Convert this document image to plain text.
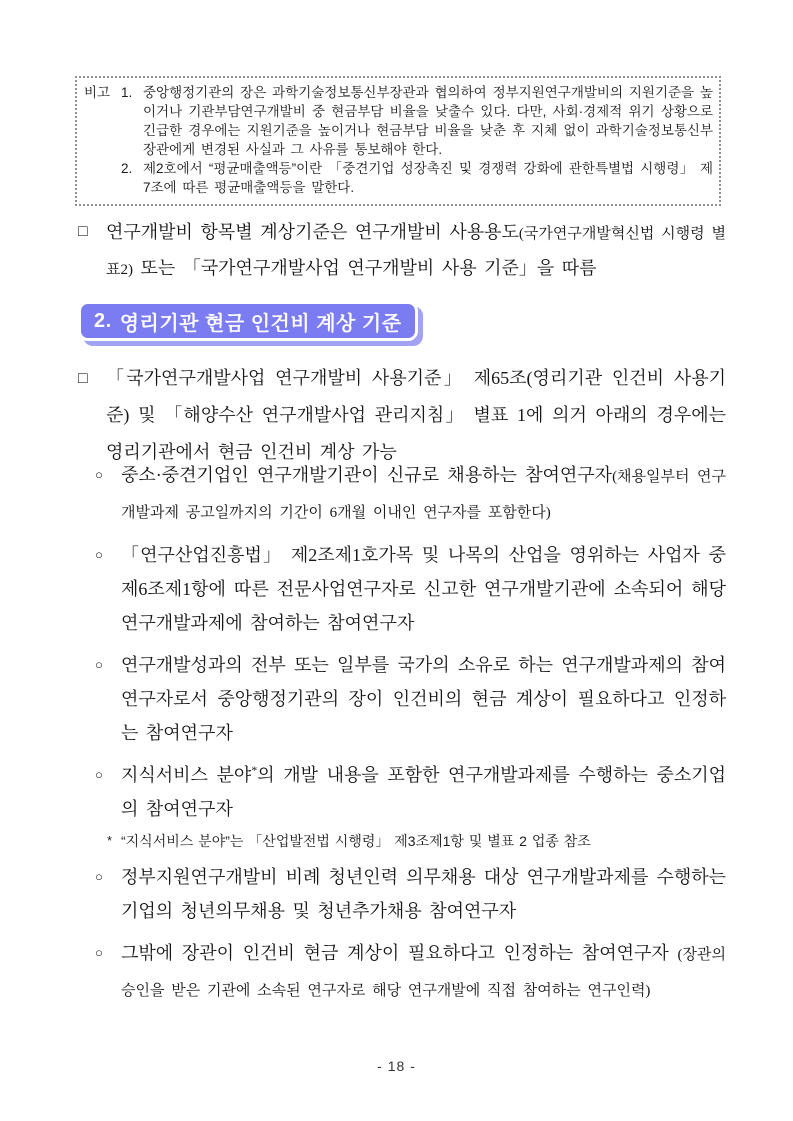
비고 1. 중앙행정기관의 장은 과학기술정보통신부장관과 협의하여 정부지원연구개발비의 지원기준을 높이거나 기관부담연구개발비 중 현금부담 비율을 낮출수 있다. 다만, 사회·경제적 위기 상황으로 긴급한 경우에는 지원기준을 높이거나 현금부담 비율을 낮춘 후 지체 없이 과학기술정보통신부장관에게 변경된 사실과 그 사유를 통보해야 한다.
2. 제2호에서 “평균매출액등”이란 「중견기업 성장촉진 및 경쟁력 강화에 관한특별법 시행령」 제7조에 따른 평균매출액등을 말한다.
□	연구개발비 항목별 계상기준은 연구개발비 사용용도(국가연구개발혁신법 시행령 별표2) 또는 「국가연구개발사업 연구개발비 사용 기준」을 따름
2. 영리기관 현금 인건비 계상 기준
□	「국가연구개발사업 연구개발비 사용기준」 제65조(영리기관 인건비 사용기준) 및 「해양수산 연구개발사업 관리지침」 별표 1에 의거 아래의 경우에는 영리기관에서 현금 인건비 계상 가능
○	중소·중견기업인 연구개발기관이 신규로 채용하는 참여연구자(채용일부터 연구개발과제 공고일까지의 기간이 6개월 이내인 연구자를 포함한다)
○	「연구산업진흥법」 제2조제1호가목 및 나목의 산업을 영위하는 사업자 중 제6조제1항에 따른 전문사업연구자로 신고한 연구개발기관에 소속되어 해당 연구개발과제에 참여하는 참여연구자
○	연구개발성과의 전부 또는 일부를 국가의 소유로 하는 연구개발과제의 참여연구자로서 중앙행정기관의 장이 인건비의 현금 계상이 필요하다고 인정하는 참여연구자
○	지식서비스 분야*의 개발 내용을 포함한 연구개발과제를 수행하는 중소기업의 참여연구자
* “지식서비스 분야”는 「산업발전법 시행령」 제3조제1항 및 별표 2 업종 참조
○	정부지원연구개발비 비례 청년인력 의무채용 대상 연구개발과제를 수행하는 기업의 청년의무채용 및 청년추가채용 참여연구자
○	그밖에 장관이 인건비 현금 계상이 필요하다고 인정하는 참여연구자 (장관의 승인을 받은 기관에 소속된 연구자로 해당 연구개발에 직접 참여하는 연구인력)
- 18 -
